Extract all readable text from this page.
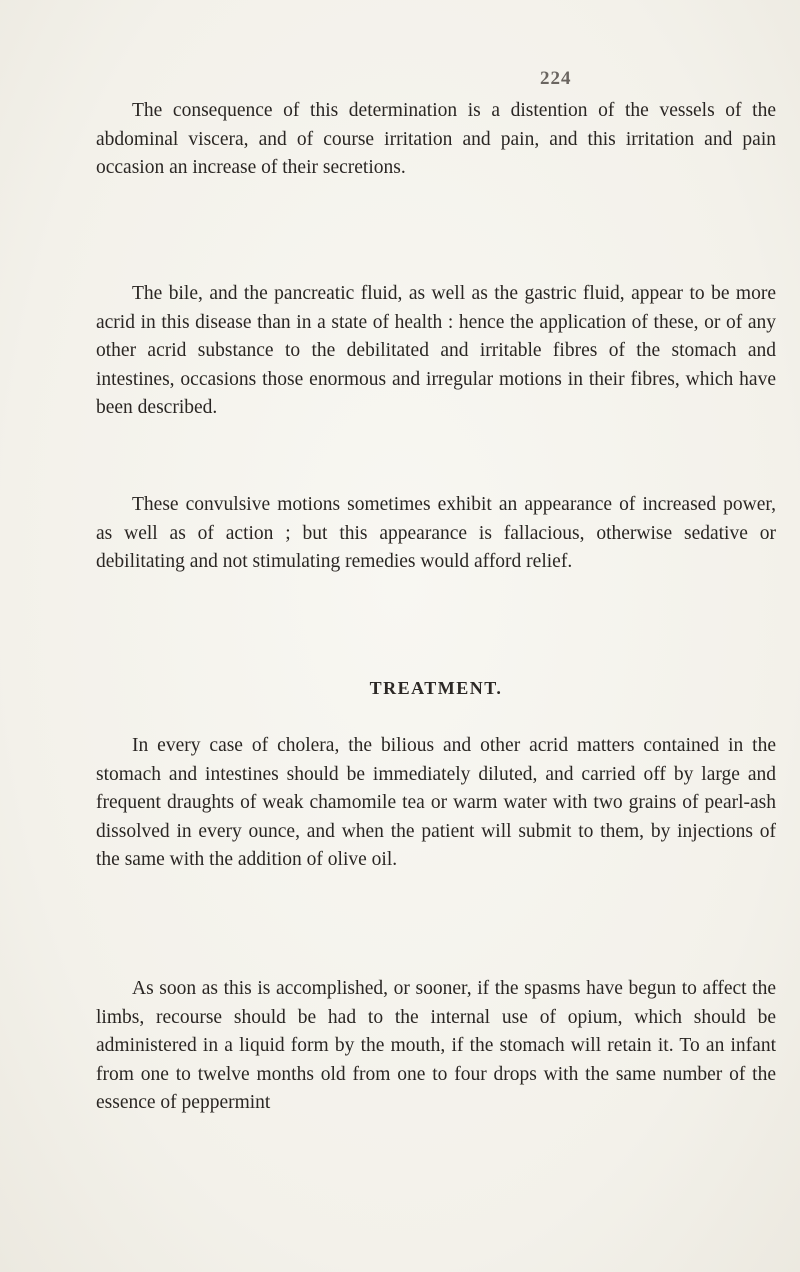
224

The consequence of this determination is a distention of the vessels of the abdominal viscera, and of course irritation and pain, and this irritation and pain occasion an increase of their secretions.

The bile, and the pancreatic fluid, as well as the gastric fluid, appear to be more acrid in this disease than in a state of health : hence the application of these, or of any other acrid substance to the debilitated and irritable fibres of the stomach and intestines, occasions those enormous and irregular motions in their fibres, which have been described.

These convulsive motions sometimes exhibit an appearance of increased power, as well as of action ; but this appearance is fallacious, otherwise sedative or debilitating and not stimulating remedies would afford relief.

TREATMENT.

In every case of cholera, the bilious and other acrid matters contained in the stomach and intestines should be immediately diluted, and carried off by large and frequent draughts of weak chamomile tea or warm water with two grains of pearl-ash dissolved in every ounce, and when the patient will submit to them, by injections of the same with the addition of olive oil.

As soon as this is accomplished, or sooner, if the spasms have begun to affect the limbs, recourse should be had to the internal use of opium, which should be administered in a liquid form by the mouth, if the stomach will retain it. To an infant from one to twelve months old from one to four drops with the same number of the essence of peppermint
